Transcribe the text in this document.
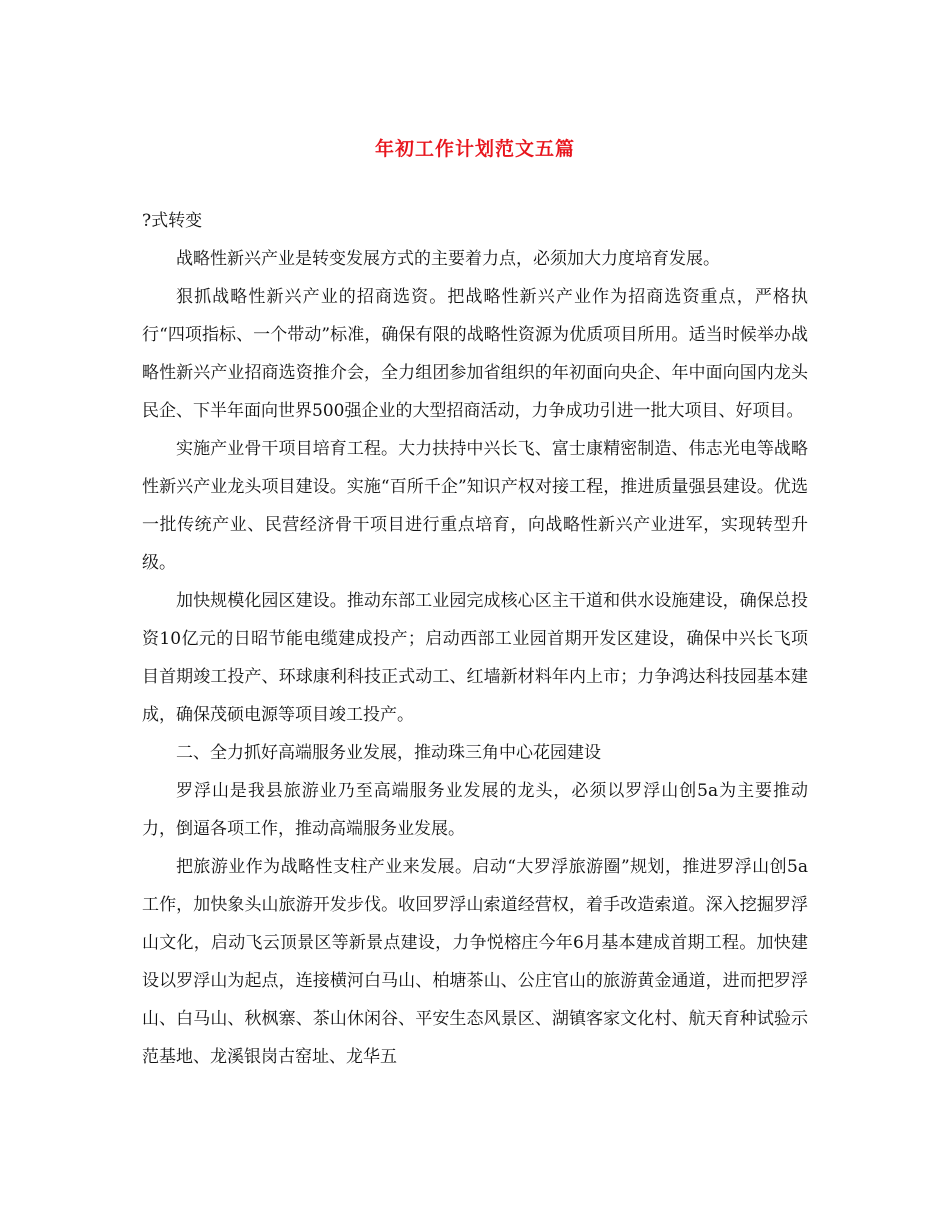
年初工作计划范文五篇

?式转变

战略性新兴产业是转变发展方式的主要着力点，必须加大力度培育发展。

狠抓战略性新兴产业的招商选资。把战略性新兴产业作为招商选资重点，严格执行“四项指标、一个带动”标准，确保有限的战略性资源为优质项目所用。适当时候举办战略性新兴产业招商选资推介会，全力组团参加省组织的年初面向央企、年中面向国内龙头民企、下半年面向世界500强企业的大型招商活动，力争成功引进一批大项目、好项目。

实施产业骨干项目培育工程。大力扶持中兴长飞、富士康精密制造、伟志光电等战略性新兴产业龙头项目建设。实施“百所千企”知识产权对接工程，推进质量强县建设。优选一批传统产业、民营经济骨干项目进行重点培育，向战略性新兴产业进军，实现转型升级。

加快规模化园区建设。推动东部工业园完成核心区主干道和供水设施建设，确保总投资10亿元的日昭节能电缆建成投产；启动西部工业园首期开发区建设，确保中兴长飞项目首期竣工投产、环球康利科技正式动工、红墙新材料年内上市；力争鸿达科技园基本建成，确保茂硕电源等项目竣工投产。

二、全力抓好高端服务业发展，推动珠三角中心花园建设

罗浮山是我县旅游业乃至高端服务业发展的龙头，必须以罗浮山创5a为主要推动力，倒逼各项工作，推动高端服务业发展。

把旅游业作为战略性支柱产业来发展。启动“大罗浮旅游圈”规划，推进罗浮山创5a工作，加快象头山旅游开发步伐。收回罗浮山索道经营权，着手改造索道。深入挖掘罗浮山文化，启动飞云顶景区等新景点建设，力争悦榕庄今年6月基本建成首期工程。加快建设以罗浮山为起点，连接横河白马山、柏塘茶山、公庄官山的旅游黄金通道，进而把罗浮山、白马山、秋枫寨、茶山休闲谷、平安生态风景区、湖镇客家文化村、航天育种试验示范基地、龙溪银岗古窑址、龙华五
